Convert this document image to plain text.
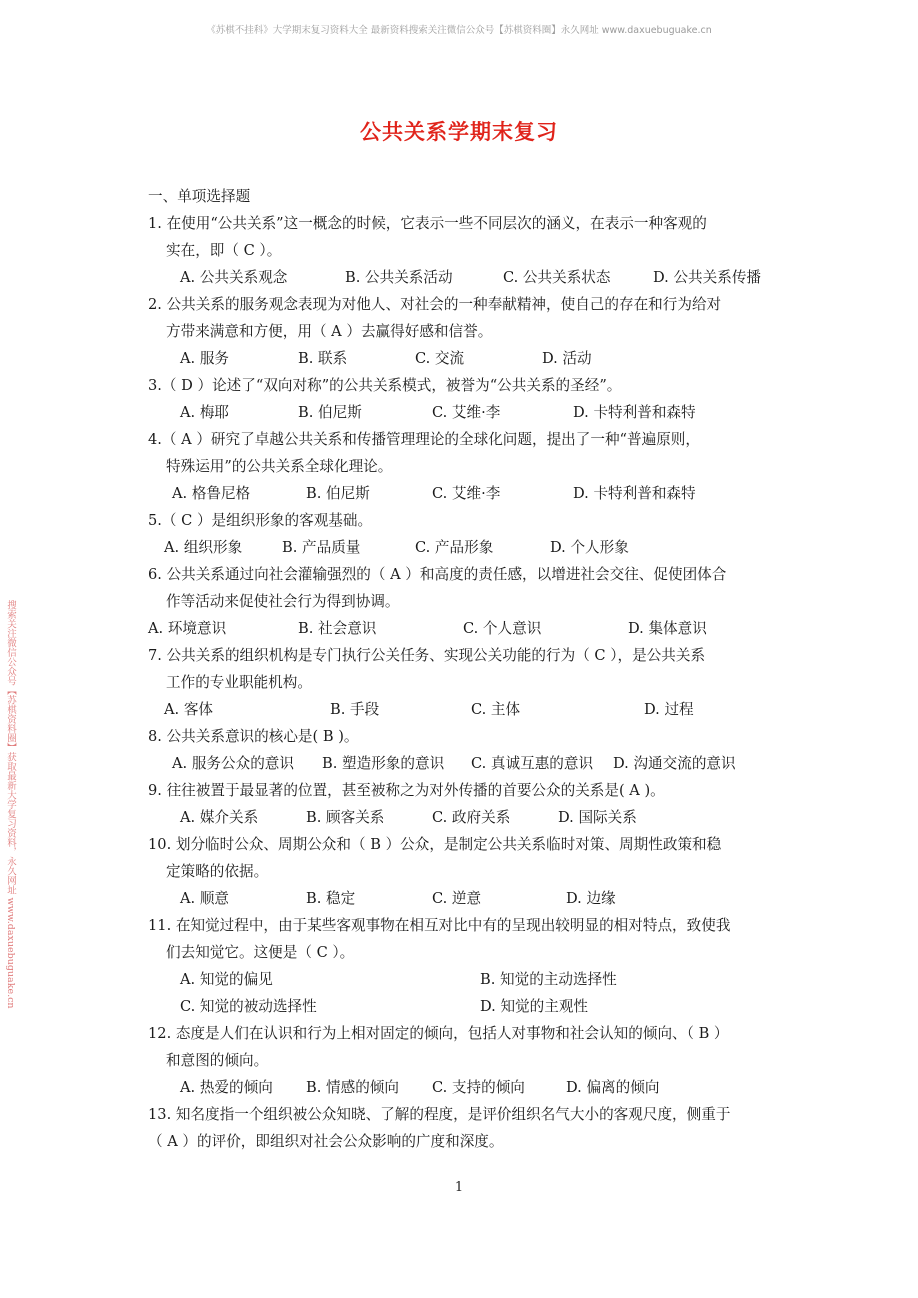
《苏棋不挂科》大学期末复习资料大全 最新资料搜索关注微信公众号【苏棋资料圈】永久网址 www.daxuebuguake.cn
搜索关注微信公众号【苏棋资料圈】获取最新大学复习资料，永久网址 www.daxuebuguake.cn
公共关系学期末复习
一、单项选择题
1. 在使用“公共关系”这一概念的时候，它表示一些不同层次的涵义，在表示一种客观的
实在，即（ C ）。
A. 公共关系观念	B. 公共关系活动	C. 公共关系状态	D. 公共关系传播
2. 公共关系的服务观念表现为对他人、对社会的一种奉献精神，使自己的存在和行为给对
方带来满意和方便，用（ A ）去赢得好感和信誉。
A. 服务	B. 联系	C. 交流	D. 活动
3.（ D ）论述了“双向对称”的公共关系模式，被誉为“公共关系的圣经”。
A. 梅耶	B. 伯尼斯	C. 艾维·李	D. 卡特利普和森特
4.（ A ）研究了卓越公共关系和传播管理理论的全球化问题，提出了一种“普遍原则，
特殊运用”的公共关系全球化理论。
A. 格鲁尼格	B. 伯尼斯	C. 艾维·李	D. 卡特利普和森特
5.（ C ）是组织形象的客观基础。
A. 组织形象	B. 产品质量	C. 产品形象	D. 个人形象
6. 公共关系通过向社会灌输强烈的（ A ）和高度的责任感，以增进社会交往、促使团体合
作等活动来促使社会行为得到协调。
A. 环境意识	B. 社会意识	C. 个人意识	D. 集体意识
7. 公共关系的组织机构是专门执行公关任务、实现公关功能的行为（ C ），是公共关系
工作的专业职能机构。
A. 客体	B. 手段	C. 主体	D. 过程
8. 公共关系意识的核心是( B )。
A. 服务公众的意识 B. 塑造形象的意识 C. 真诚互惠的意识 D. 沟通交流的意识
9. 往往被置于最显著的位置，甚至被称之为对外传播的首要公众的关系是( A )。
A. 媒介关系	B. 顾客关系	C. 政府关系	D. 国际关系
10. 划分临时公众、周期公众和（ B ）公众，是制定公共关系临时对策、周期性政策和稳
定策略的依据。
A. 顺意	B. 稳定	C. 逆意	D. 边缘
11. 在知觉过程中，由于某些客观事物在相互对比中有的呈现出较明显的相对特点，致使我
们去知觉它。这便是（ C ）。
A. 知觉的偏见	B. 知觉的主动选择性
C. 知觉的被动选择性	D. 知觉的主观性
12. 态度是人们在认识和行为上相对固定的倾向，包括人对事物和社会认知的倾向、（ B ）
和意图的倾向。
A. 热爱的倾向 B. 情感的倾向 C. 支持的倾向	D. 偏离的倾向
13. 知名度指一个组织被公众知晓、了解的程度，是评价组织名气大小的客观尺度，侧重于
（ A ）的评价，即组织对社会公众影响的广度和深度。
1
